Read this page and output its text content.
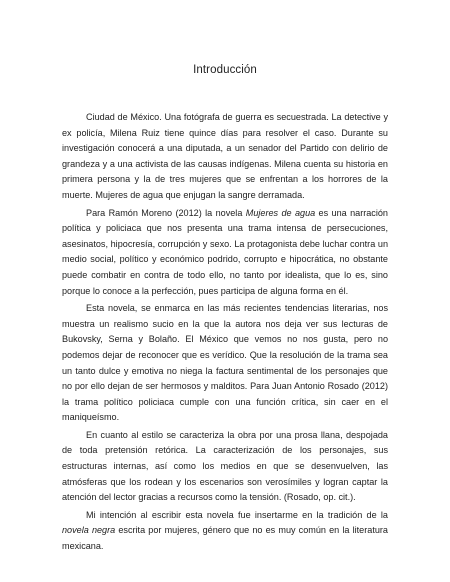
Introducción

Ciudad de México. Una fotógrafa de guerra es secuestrada. La detective y ex policía, Milena Ruiz tiene quince días para resolver el caso. Durante su investigación conocerá a una diputada, a un senador del Partido con delirio de grandeza y a una activista de las causas indígenas. Milena cuenta su historia en primera persona y la de tres mujeres que se enfrentan a los horrores de la muerte. Mujeres de agua que enjugan la sangre derramada.

Para Ramón Moreno (2012) la novela Mujeres de agua es una narración política y policiaca que nos presenta una trama intensa de persecuciones, asesinatos, hipocresía, corrupción y sexo. La protagonista debe luchar contra un medio social, político y económico podrido, corrupto e hipocrática, no obstante puede combatir en contra de todo ello, no tanto por idealista, que lo es, sino porque lo conoce a la perfección, pues participa de alguna forma en él.

Esta novela, se enmarca en las más recientes tendencias literarias, nos muestra un realismo sucio en la que la autora nos deja ver sus lecturas de Bukovsky, Serna y Bolaño. El México que vemos no nos gusta, pero no podemos dejar de reconocer que es verídico. Que la resolución de la trama sea un tanto dulce y emotiva no niega la factura sentimental de los personajes que no por ello dejan de ser hermosos y malditos. Para Juan Antonio Rosado (2012) la trama político policiaca cumple con una función crítica, sin caer en el maniqueísmo.

En cuanto al estilo se caracteriza la obra por una prosa llana, despojada de toda pretensión retórica. La caracterización de los personajes, sus estructuras internas, así como los medios en que se desenvuelven, las atmósferas que los rodean y los escenarios son verosímiles y logran captar la atención del lector gracias a recursos como la tensión. (Rosado, op. cit.).

Mi intención al escribir esta novela fue insertarme en la tradición de la novela negra escrita por mujeres, género que no es muy común en la literatura mexicana.
